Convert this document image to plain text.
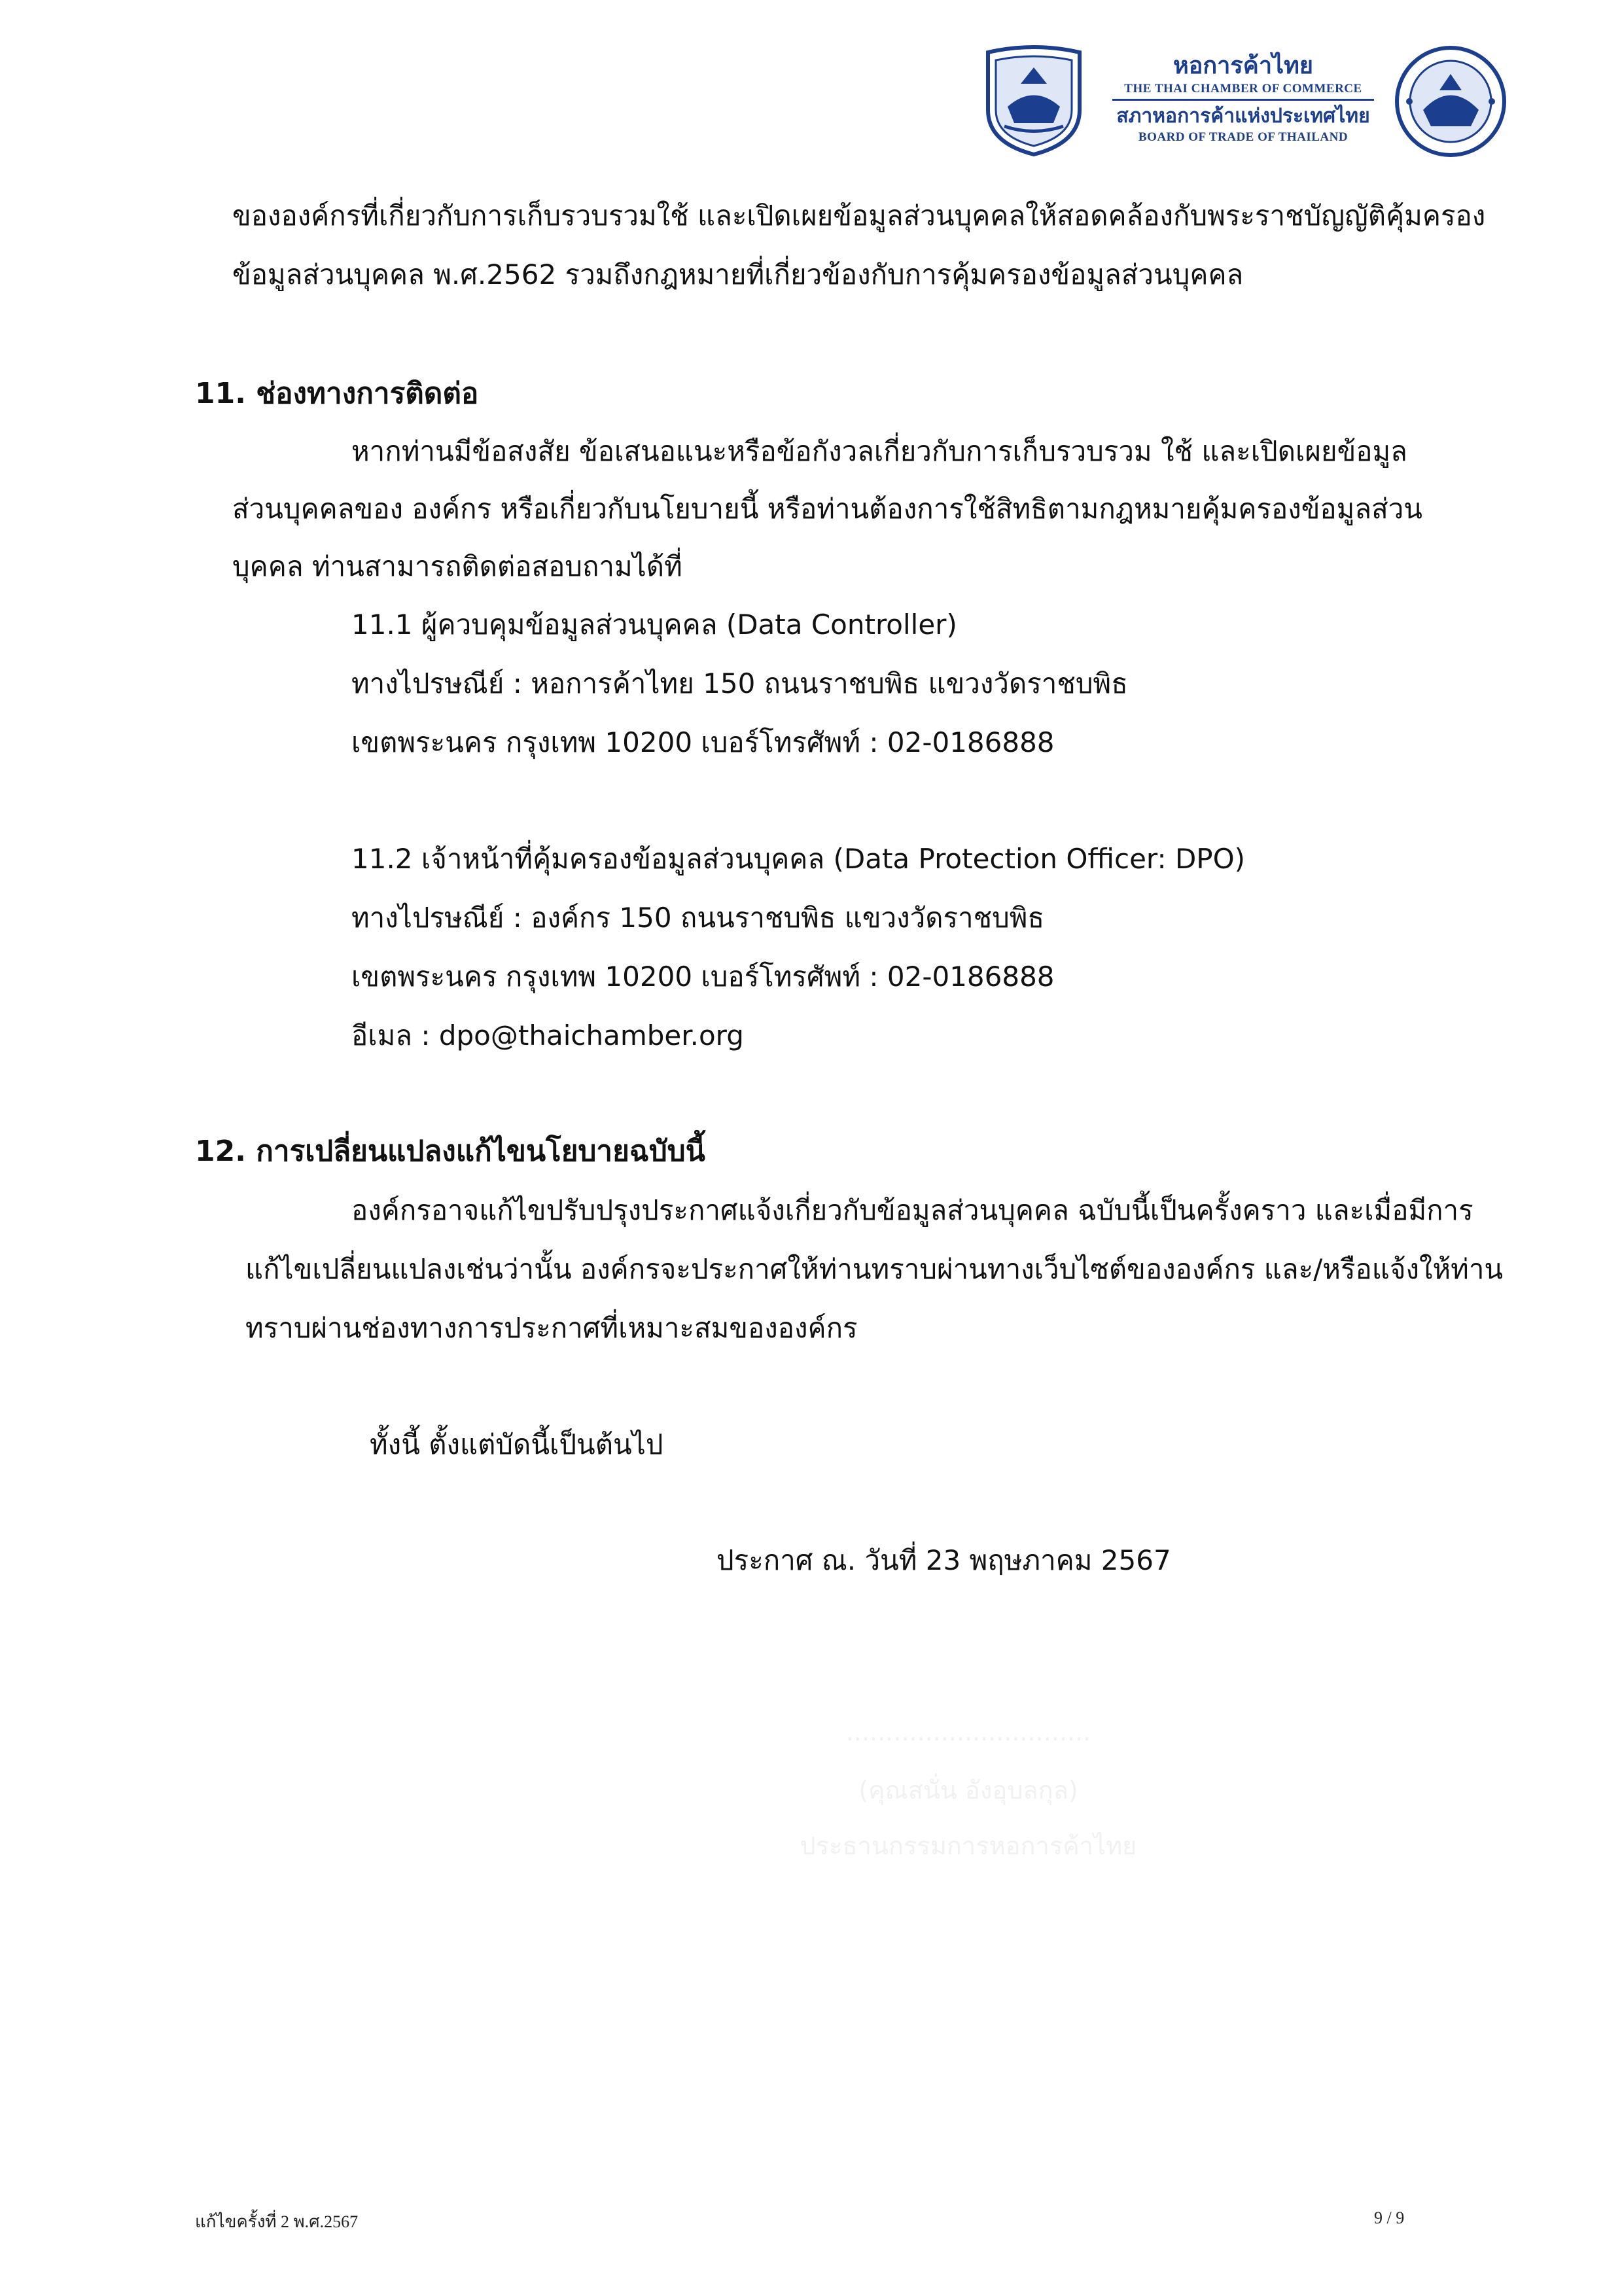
หอการค้าไทย
THE THAI CHAMBER OF COMMERCE
สภาหอการค้าแห่งประเทศไทย
BOARD OF TRADE OF THAILAND
ขององค์กรที่เกี่ยวกับการเก็บรวบรวมใช้ และเปิดเผยข้อมูลส่วนบุคคลให้สอดคล้องกับพระราชบัญญัติคุ้มครอง
ข้อมูลส่วนบุคคล พ.ศ.2562 รวมถึงกฎหมายที่เกี่ยวข้องกับการคุ้มครองข้อมูลส่วนบุคคล
11. ช่องทางการติดต่อ
หากท่านมีข้อสงสัย ข้อเสนอแนะหรือข้อกังวลเกี่ยวกับการเก็บรวบรวม ใช้ และเปิดเผยข้อมูล
ส่วนบุคคลของ องค์กร หรือเกี่ยวกับนโยบายนี้ หรือท่านต้องการใช้สิทธิตามกฎหมายคุ้มครองข้อมูลส่วน
บุคคล ท่านสามารถติดต่อสอบถามได้ที่
11.1 ผู้ควบคุมข้อมูลส่วนบุคคล (Data Controller)
ทางไปรษณีย์ : หอการค้าไทย 150 ถนนราชบพิธ แขวงวัดราชบพิธ
เขตพระนคร กรุงเทพ 10200 เบอร์โทรศัพท์ : 02-0186888
11.2 เจ้าหน้าที่คุ้มครองข้อมูลส่วนบุคคล (Data Protection Officer: DPO)
ทางไปรษณีย์ : องค์กร 150 ถนนราชบพิธ แขวงวัดราชบพิธ
เขตพระนคร กรุงเทพ 10200 เบอร์โทรศัพท์ : 02-0186888
อีเมล : dpo@thaichamber.org
12. การเปลี่ยนแปลงแก้ไขนโยบายฉบับนี้
องค์กรอาจแก้ไขปรับปรุงประกาศแจ้งเกี่ยวกับข้อมูลส่วนบุคคล ฉบับนี้เป็นครั้งคราว และเมื่อมีการ
แก้ไขเปลี่ยนแปลงเช่นว่านั้น องค์กรจะประกาศให้ท่านทราบผ่านทางเว็บไซต์ขององค์กร และ/หรือแจ้งให้ท่าน
ทราบผ่านช่องทางการประกาศที่เหมาะสมขององค์กร
ทั้งนี้ ตั้งแต่บัดนี้เป็นต้นไป
ประกาศ ณ. วันที่ 23 พฤษภาคม 2567
...............................
(คุณสนั่น อังอุบลกุล)
ประธานกรรมการหอการค้าไทย
แก้ไขครั้งที่ 2 พ.ศ.2567	9 / 9
